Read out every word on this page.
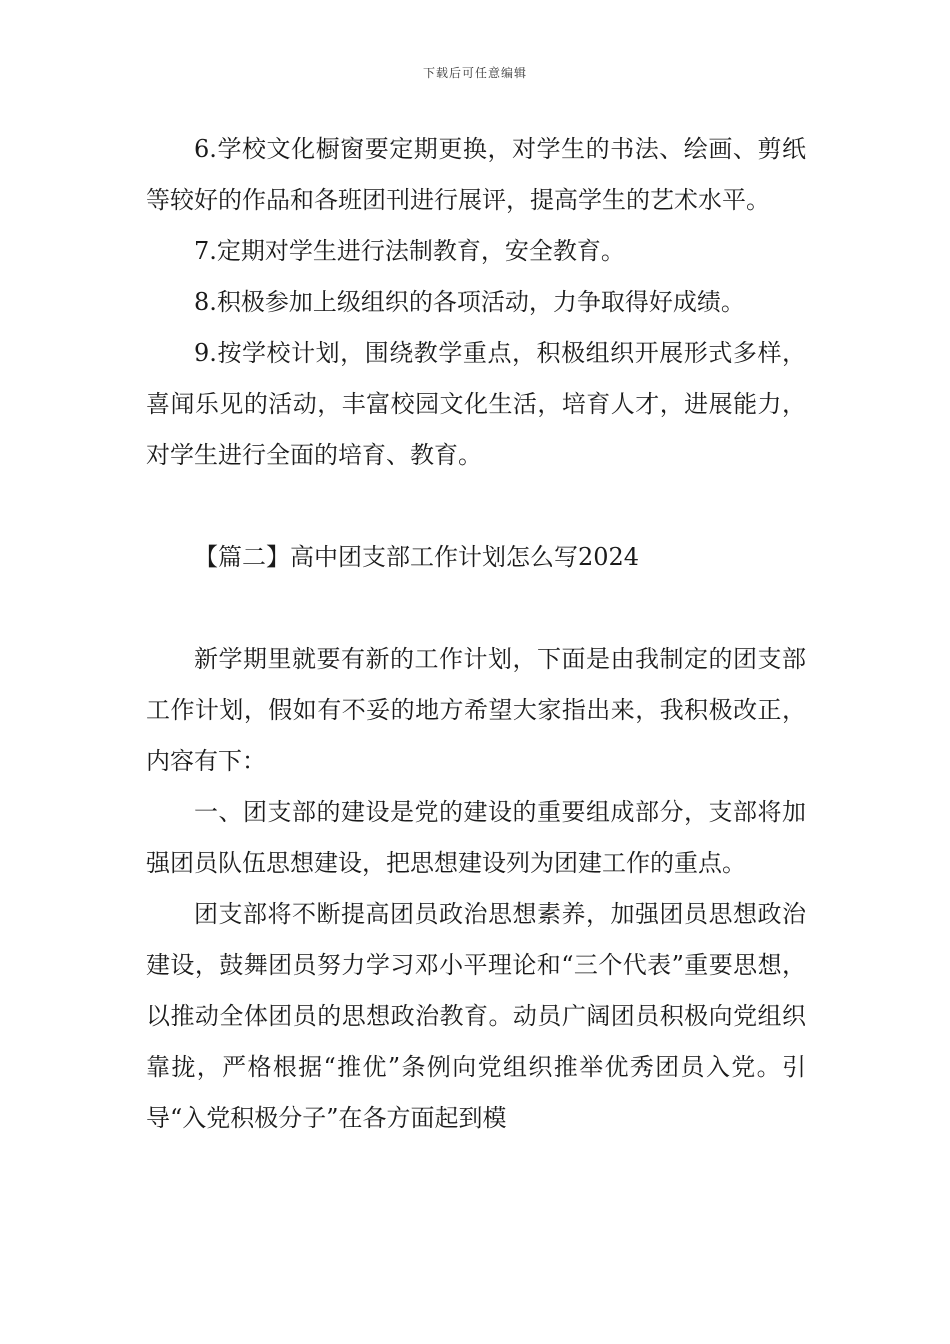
下载后可任意编辑

6.学校文化橱窗要定期更换，对学生的书法、绘画、剪纸等较好的作品和各班团刊进行展评，提高学生的艺术水平。

7.定期对学生进行法制教育，安全教育。

8.积极参加上级组织的各项活动，力争取得好成绩。

9.按学校计划，围绕教学重点，积极组织开展形式多样，喜闻乐见的活动，丰富校园文化生活，培育人才，进展能力，对学生进行全面的培育、教育。

【篇二】高中团支部工作计划怎么写2024

新学期里就要有新的工作计划，下面是由我制定的团支部工作计划，假如有不妥的地方希望大家指出来，我积极改正，内容有下：

一、团支部的建设是党的建设的重要组成部分，支部将加强团员队伍思想建设，把思想建设列为团建工作的重点。

团支部将不断提高团员政治思想素养，加强团员思想政治建设，鼓舞团员努力学习邓小平理论和“三个代表”重要思想，以推动全体团员的思想政治教育。动员广阔团员积极向党组织靠拢，严格根据“推优”条例向党组织推举优秀团员入党。引导“入党积极分子”在各方面起到模
